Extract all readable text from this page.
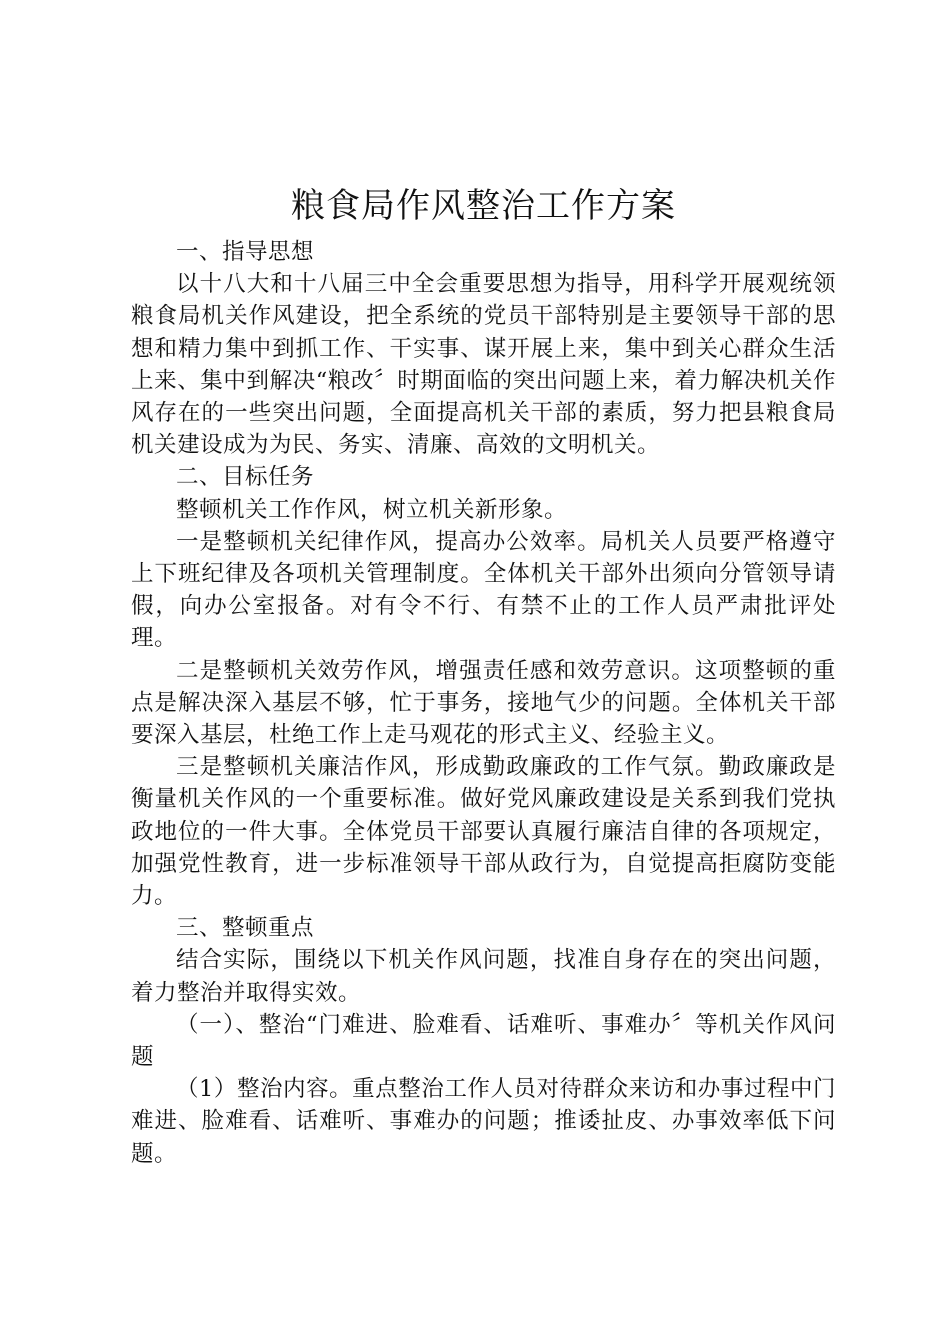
粮食局作风整治工作方案

一、指导思想

以十八大和十八届三中全会重要思想为指导，用科学开展观统领粮食局机关作风建设，把全系统的党员干部特别是主要领导干部的思想和精力集中到抓工作、干实事、谋开展上来，集中到关心群众生活上来、集中到解决“粮改〞时期面临的突出问题上来，着力解决机关作风存在的一些突出问题，全面提高机关干部的素质，努力把县粮食局机关建设成为为民、务实、清廉、高效的文明机关。

二、目标任务

整顿机关工作作风，树立机关新形象。

一是整顿机关纪律作风，提高办公效率。局机关人员要严格遵守上下班纪律及各项机关管理制度。全体机关干部外出须向分管领导请假，向办公室报备。对有令不行、有禁不止的工作人员严肃批评处理。

二是整顿机关效劳作风，增强责任感和效劳意识。这项整顿的重点是解决深入基层不够，忙于事务，接地气少的问题。全体机关干部要深入基层，杜绝工作上走马观花的形式主义、经验主义。

三是整顿机关廉洁作风，形成勤政廉政的工作气氛。勤政廉政是衡量机关作风的一个重要标准。做好党风廉政建设是关系到我们党执政地位的一件大事。全体党员干部要认真履行廉洁自律的各项规定，加强党性教育，进一步标准领导干部从政行为，自觉提高拒腐防变能力。

三、整顿重点

结合实际，围绕以下机关作风问题，找准自身存在的突出问题，着力整治并取得实效。

（一）、整治“门难进、脸难看、话难听、事难办〞等机关作风问题

（1）整治内容。重点整治工作人员对待群众来访和办事过程中门难进、脸难看、话难听、事难办的问题；推诿扯皮、办事效率低下问题。
